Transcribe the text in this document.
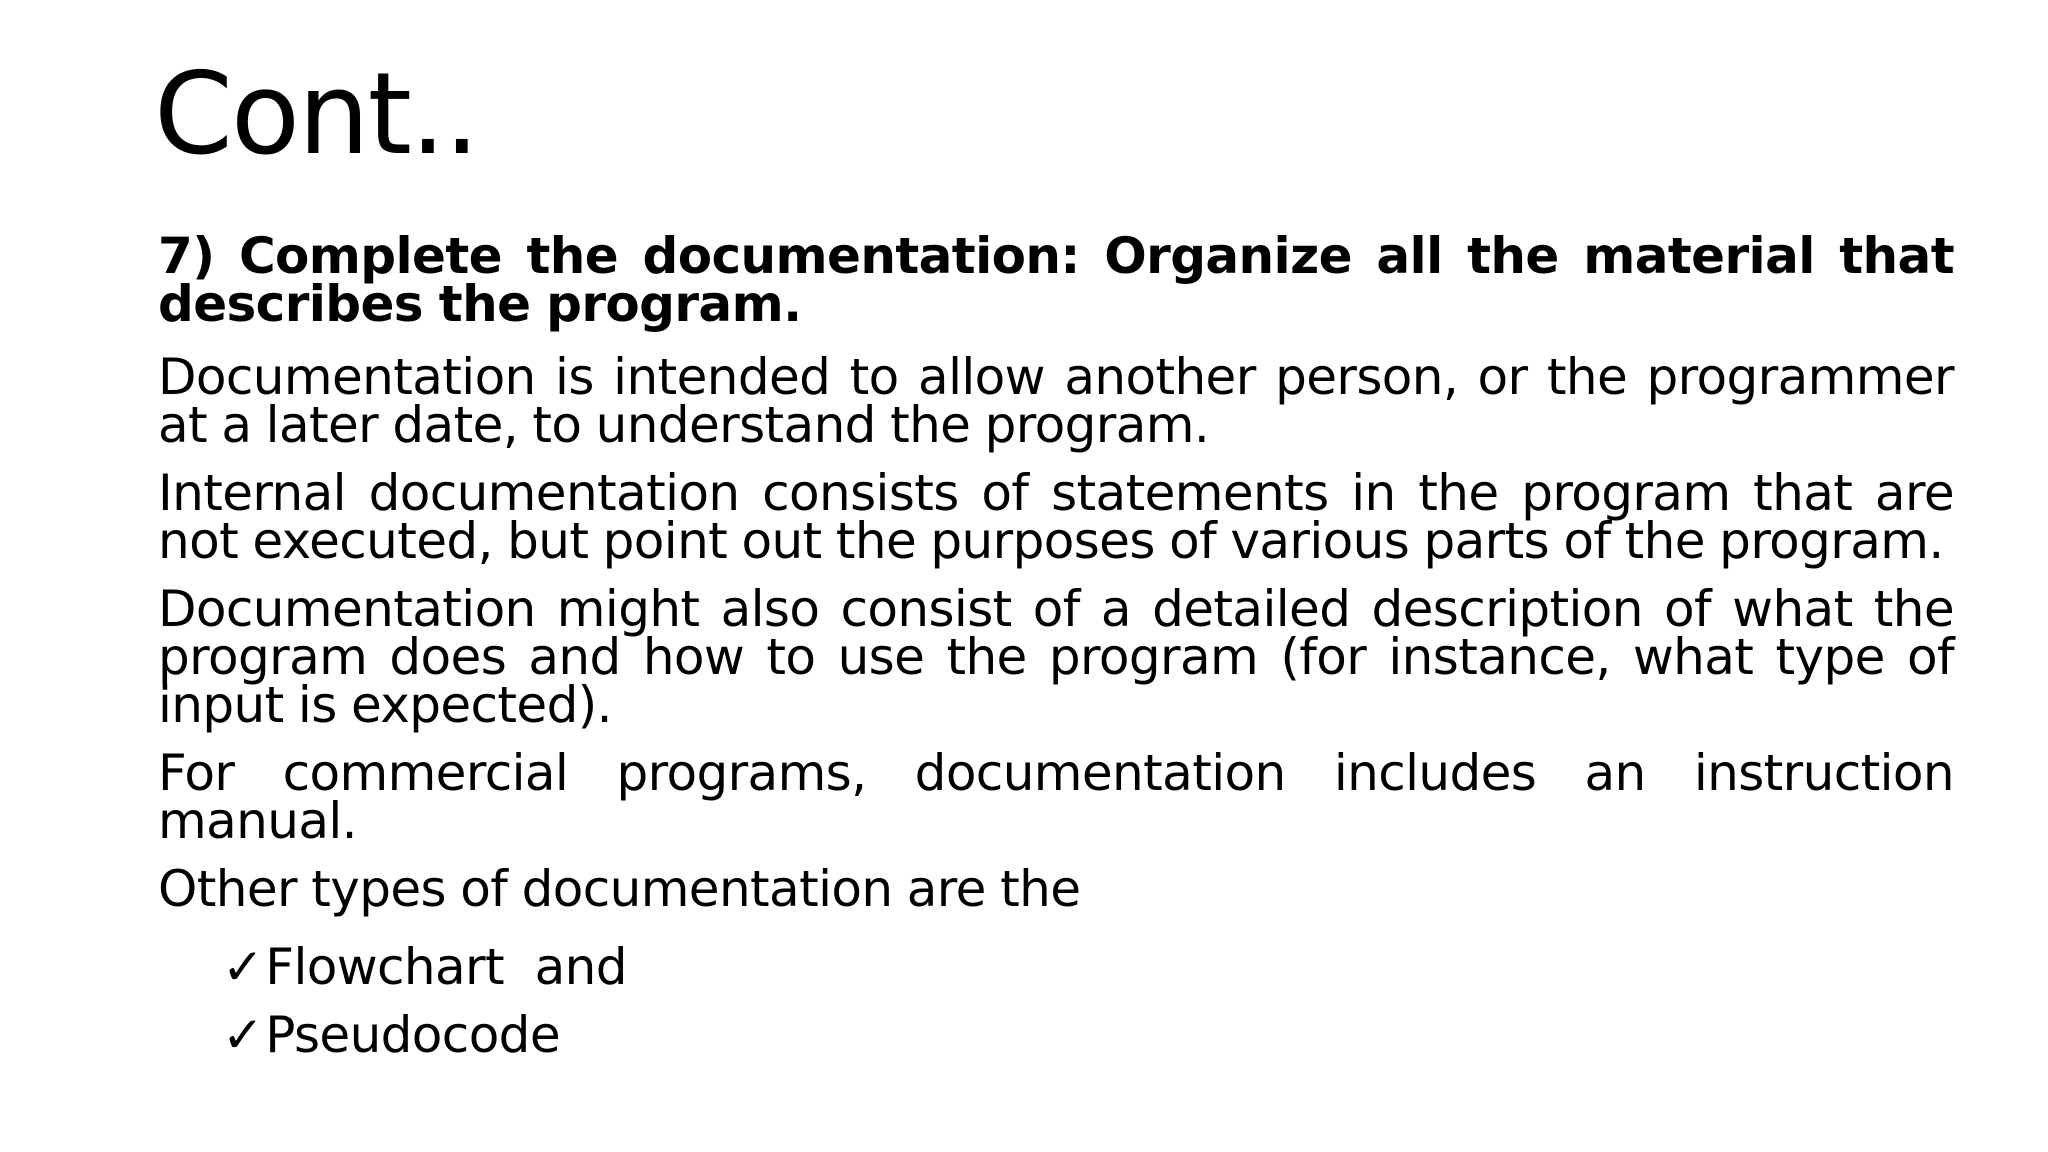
Cont..

7) Complete the documentation: Organize all the material that describes the program.

Documentation is intended to allow another person, or the programmer at a later date, to understand the program.

Internal documentation consists of statements in the program that are not executed, but point out the purposes of various parts of the program.

Documentation might also consist of a detailed description of what the program does and how to use the program (for instance, what type of input is expected).

For commercial programs, documentation includes an instruction manual.

Other types of documentation are the

✓Flowchart  and
✓Pseudocode
